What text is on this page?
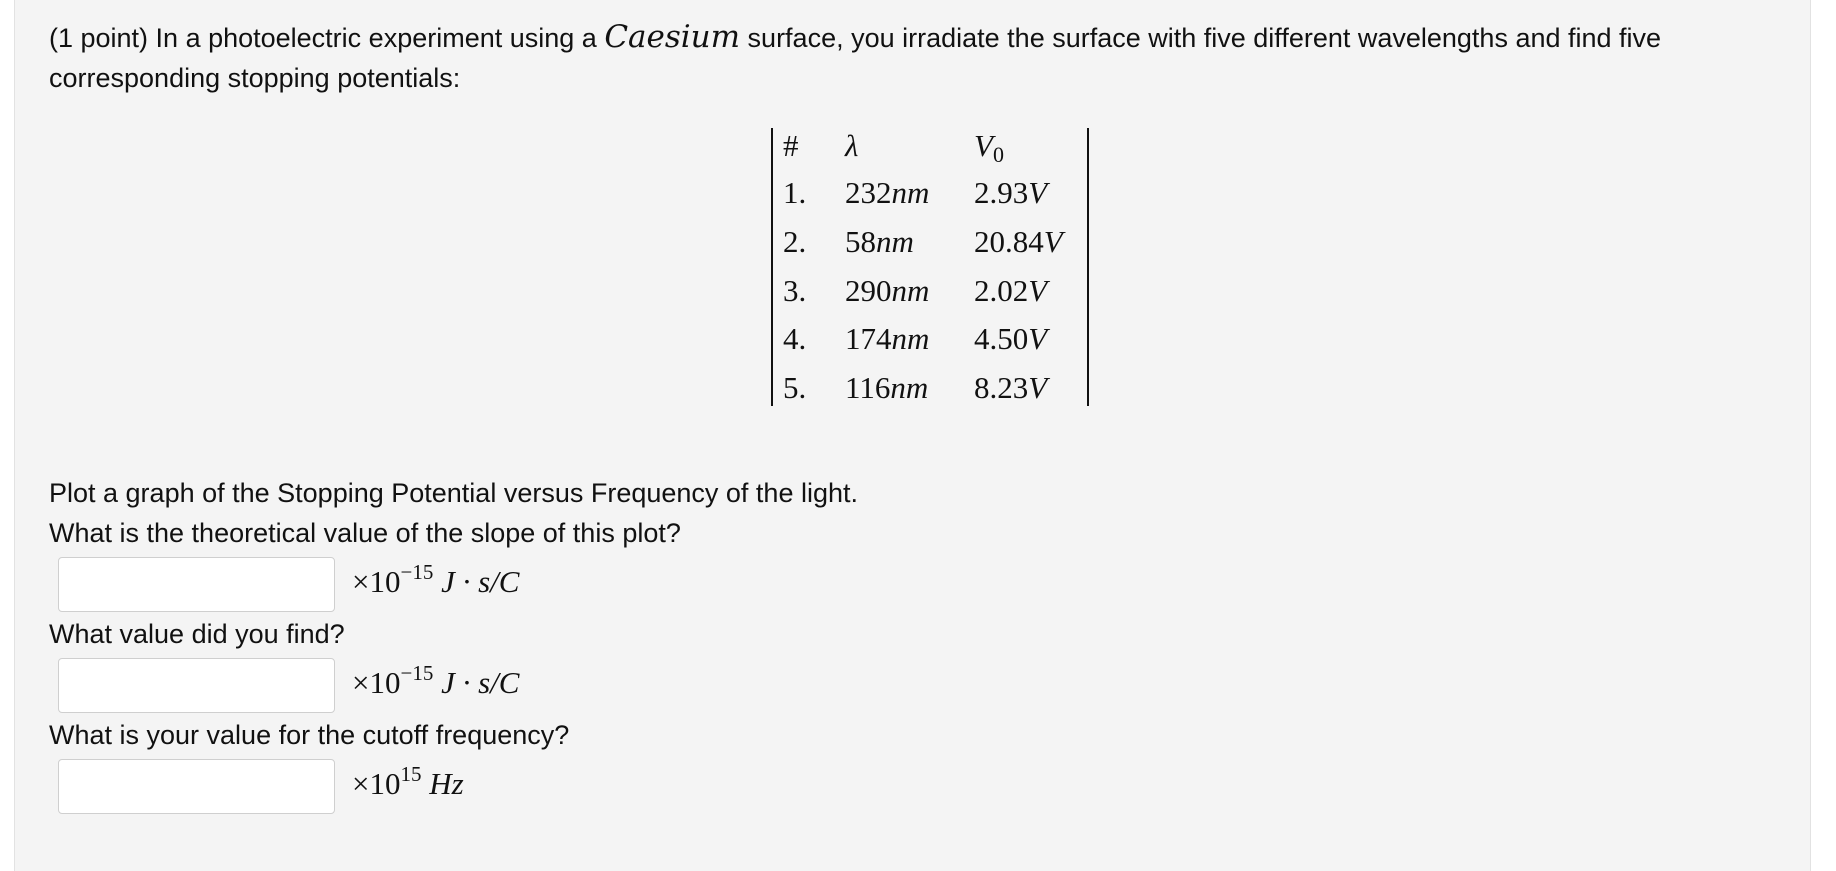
(1 point) In a photoelectric experiment using a Caesium surface, you irradiate the surface with five different wavelengths and find five corresponding stopping potentials:
# λ	$V_0$
1. 232nm 2.93V
2. 58nm 20.84V
3. 290nm 2.02V
4. 174nm 4.50V
5. 116nm 8.23V
Plot a graph of the Stopping Potential versus Frequency of the light.
What is the theoretical value of the slope of this plot?
$\times 10^{-15}$ J · s/C
What value did you find?
$\times 10^{-15}$ J · s/C
What is your value for the cutoff frequency?
$\times 10^{15}$ Hz
